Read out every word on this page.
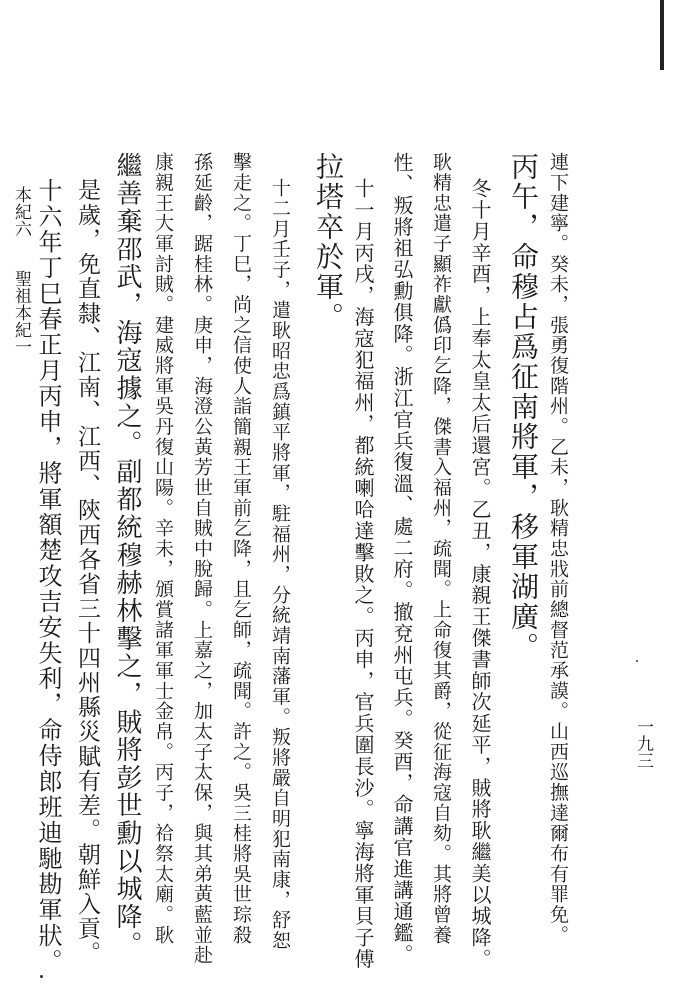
連下建寧。癸未，張勇復階州。乙未，耿精忠戕前總督范承謨。山西巡撫達爾布有罪免。
丙午，命穆占爲征南將軍，移軍湖廣。
冬十月辛酉，上奉太皇太后還宮。乙丑，康親王傑書師次延平，賊將耿繼美以城降。
耿精忠遣子顯祚獻僞印乞降，傑書入福州，疏聞。上命復其爵，從征海寇自劾。其將曾養
性、叛將祖弘勳俱降。浙江官兵復溫、處二府。撤兗州屯兵。癸酉，命講官進講通鑑。
十一月丙戌，海寇犯福州，都統喇哈達擊敗之。丙申，官兵圍長沙。寧海將軍貝子傅
拉塔卒於軍。
十二月壬子，遣耿昭忠爲鎮平將軍，駐福州，分統靖南藩軍。叛將嚴自明犯南康，舒恕
擊走之。丁巳，尚之信使人詣簡親王軍前乞降，且乞師，疏聞。許之。吳三桂將吳世琮殺
孫延齡，踞桂林。庚申，海澄公黃芳世自賊中脫歸。上嘉之，加太子太保，與其弟黃藍並赴
康親王大軍討賊。建威將軍吳丹復山陽。辛未，頒賞諸軍軍士金帛。丙子，祫祭太廟。耿
繼善棄邵武，海寇據之。副都統穆赫林擊之，賊將彭世勳以城降。
是歲，免直隸、江南、江西、陝西各省三十四州縣災賦有差。朝鮮入貢。
十六年丁巳春正月丙申，將軍額楚攻吉安失利，命侍郎班迪馳勘軍狀。
本紀六
聖祖本紀一
一九三
